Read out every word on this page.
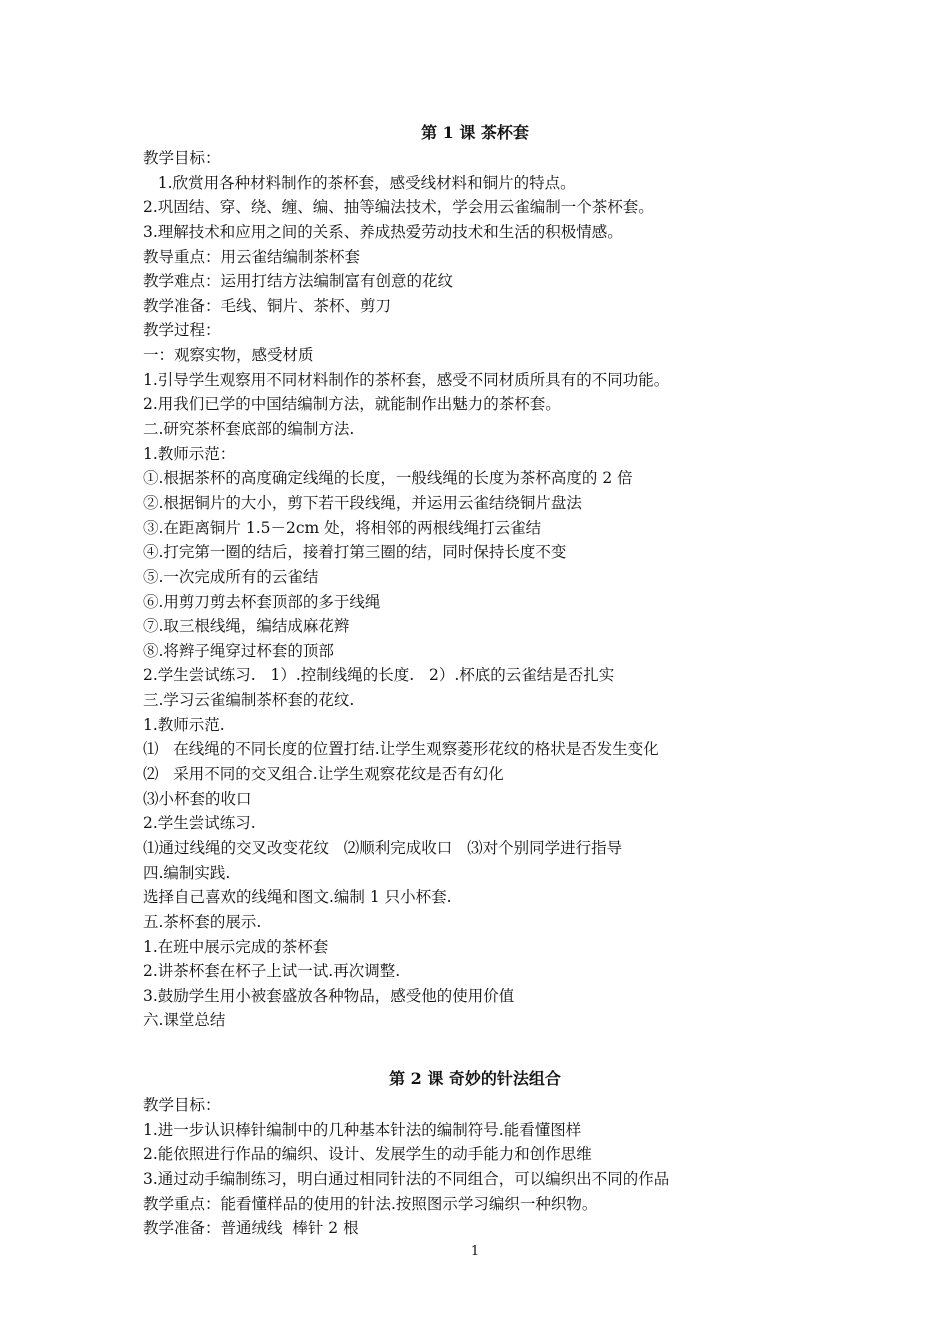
第 1 课 茶杯套
教学目标：
1.欣赏用各种材料制作的茶杯套，感受线材料和铜片的特点。
2.巩固结、穿、绕、缠、编、抽等编法技术，学会用云雀编制一个茶杯套。
3.理解技术和应用之间的关系、养成热爱劳动技术和生活的积极情感。
教导重点：用云雀结编制茶杯套
教学难点：运用打结方法编制富有创意的花纹
教学准备：毛线、铜片、茶杯、剪刀
教学过程：
一：观察实物，感受材质
1.引导学生观察用不同材料制作的茶杯套，感受不同材质所具有的不同功能。
2.用我们已学的中国结编制方法，就能制作出魅力的茶杯套。
二.研究茶杯套底部的编制方法.
1.教师示范：
①.根据茶杯的高度确定线绳的长度，一般线绳的长度为茶杯高度的 2 倍
②.根据铜片的大小，剪下若干段线绳，并运用云雀结绕铜片盘法
③.在距离铜片 1.5－2cm 处，将相邻的两根线绳打云雀结
④.打完第一圈的结后，接着打第三圈的结，同时保持长度不变
⑤.一次完成所有的云雀结
⑥.用剪刀剪去杯套顶部的多于线绳
⑦.取三根线绳，编结成麻花辫
⑧.将辫子绳穿过杯套的顶部
2.学生尝试练习.   1）.控制线绳的长度.   2）.杯底的云雀结是否扎实
三.学习云雀编制茶杯套的花纹.
1.教师示范.
⑴   在线绳的不同长度的位置打结.让学生观察菱形花纹的格状是否发生变化
⑵   采用不同的交叉组合.让学生观察花纹是否有幻化
⑶小杯套的收口
2.学生尝试练习.
⑴通过线绳的交叉改变花纹   ⑵顺利完成收口   ⑶对个别同学进行指导
四.编制实践.
选择自己喜欢的线绳和图文.编制 1 只小杯套.
五.茶杯套的展示.
1.在班中展示完成的茶杯套
2.讲茶杯套在杯子上试一试.再次调整.
3.鼓励学生用小被套盛放各种物品，感受他的使用价值
六.课堂总结
第 2 课 奇妙的针法组合
教学目标：
1.进一步认识棒针编制中的几种基本针法的编制符号.能看懂图样
2.能依照进行作品的编织、设计、发展学生的动手能力和创作思维
3.通过动手编制练习，明白通过相同针法的不同组合，可以编织出不同的作品
教学重点：能看懂样品的使用的针法.按照图示学习编织一种织物。
教学准备：普通绒线  棒针 2 根
1
